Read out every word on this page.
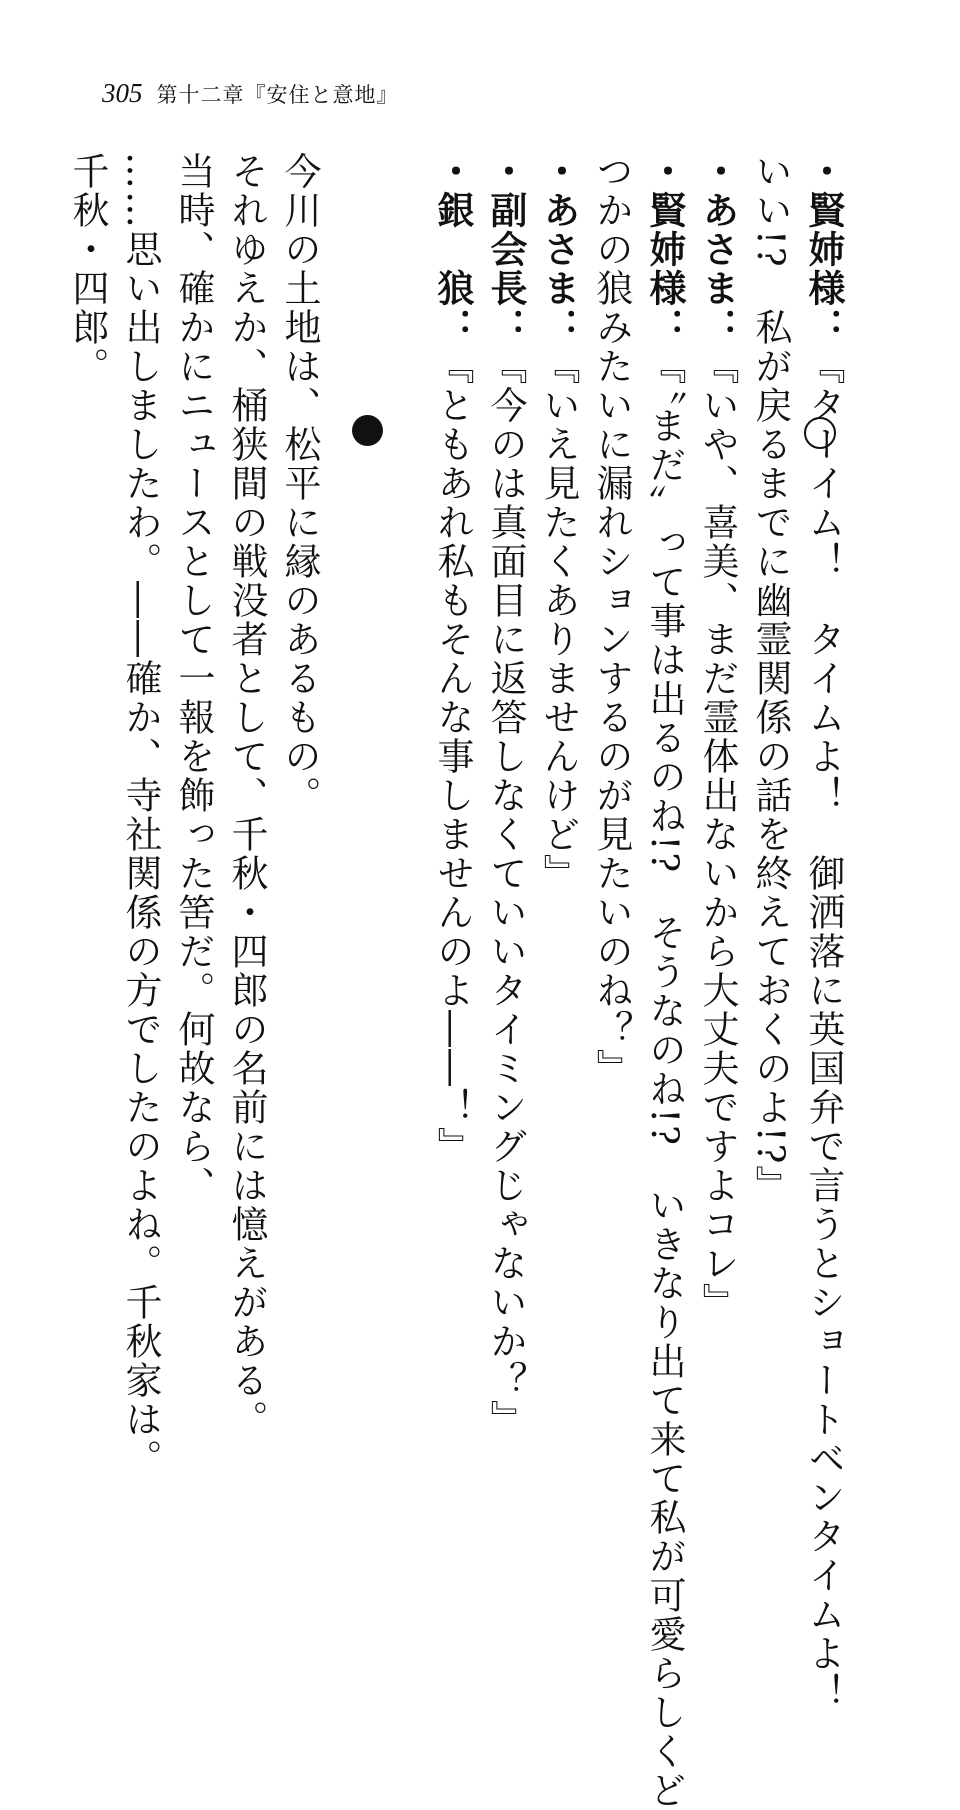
305 第十二章『安住と意地』
・賢姉様：『ターイム！　タイムよ！　御洒落に英国弁で言うとショートベンタイムよ！
いい!?　私が戻るまでに幽霊関係の話を終えておくのよ!?』
・あさま：『いや、喜美、まだ霊体出ないから大丈夫ですよコレ』
・賢姉様：『〝まだ〟って事は出るのね!?　そうなのね!?　いきなり出て来て私が可愛らしくど
つかの狼みたいに漏れションするのが見たいのね？』
・あさま：『いえ見たくありませんけど』
・副会長：『今のは真面目に返答しなくていいタイミングじゃないか？』
・銀　狼：『ともあれ私もそんな事しませんのよ――！』
今川の土地は、松平に縁のあるもの。
それゆえか、桶狭間の戦没者として、千秋・四郎の名前には憶えがある。
当時、確かにニュースとして一報を飾った筈だ。何故なら、
……思い出しましたわ。――確か、寺社関係の方でしたのよね。千秋家は。
千秋・四郎。
